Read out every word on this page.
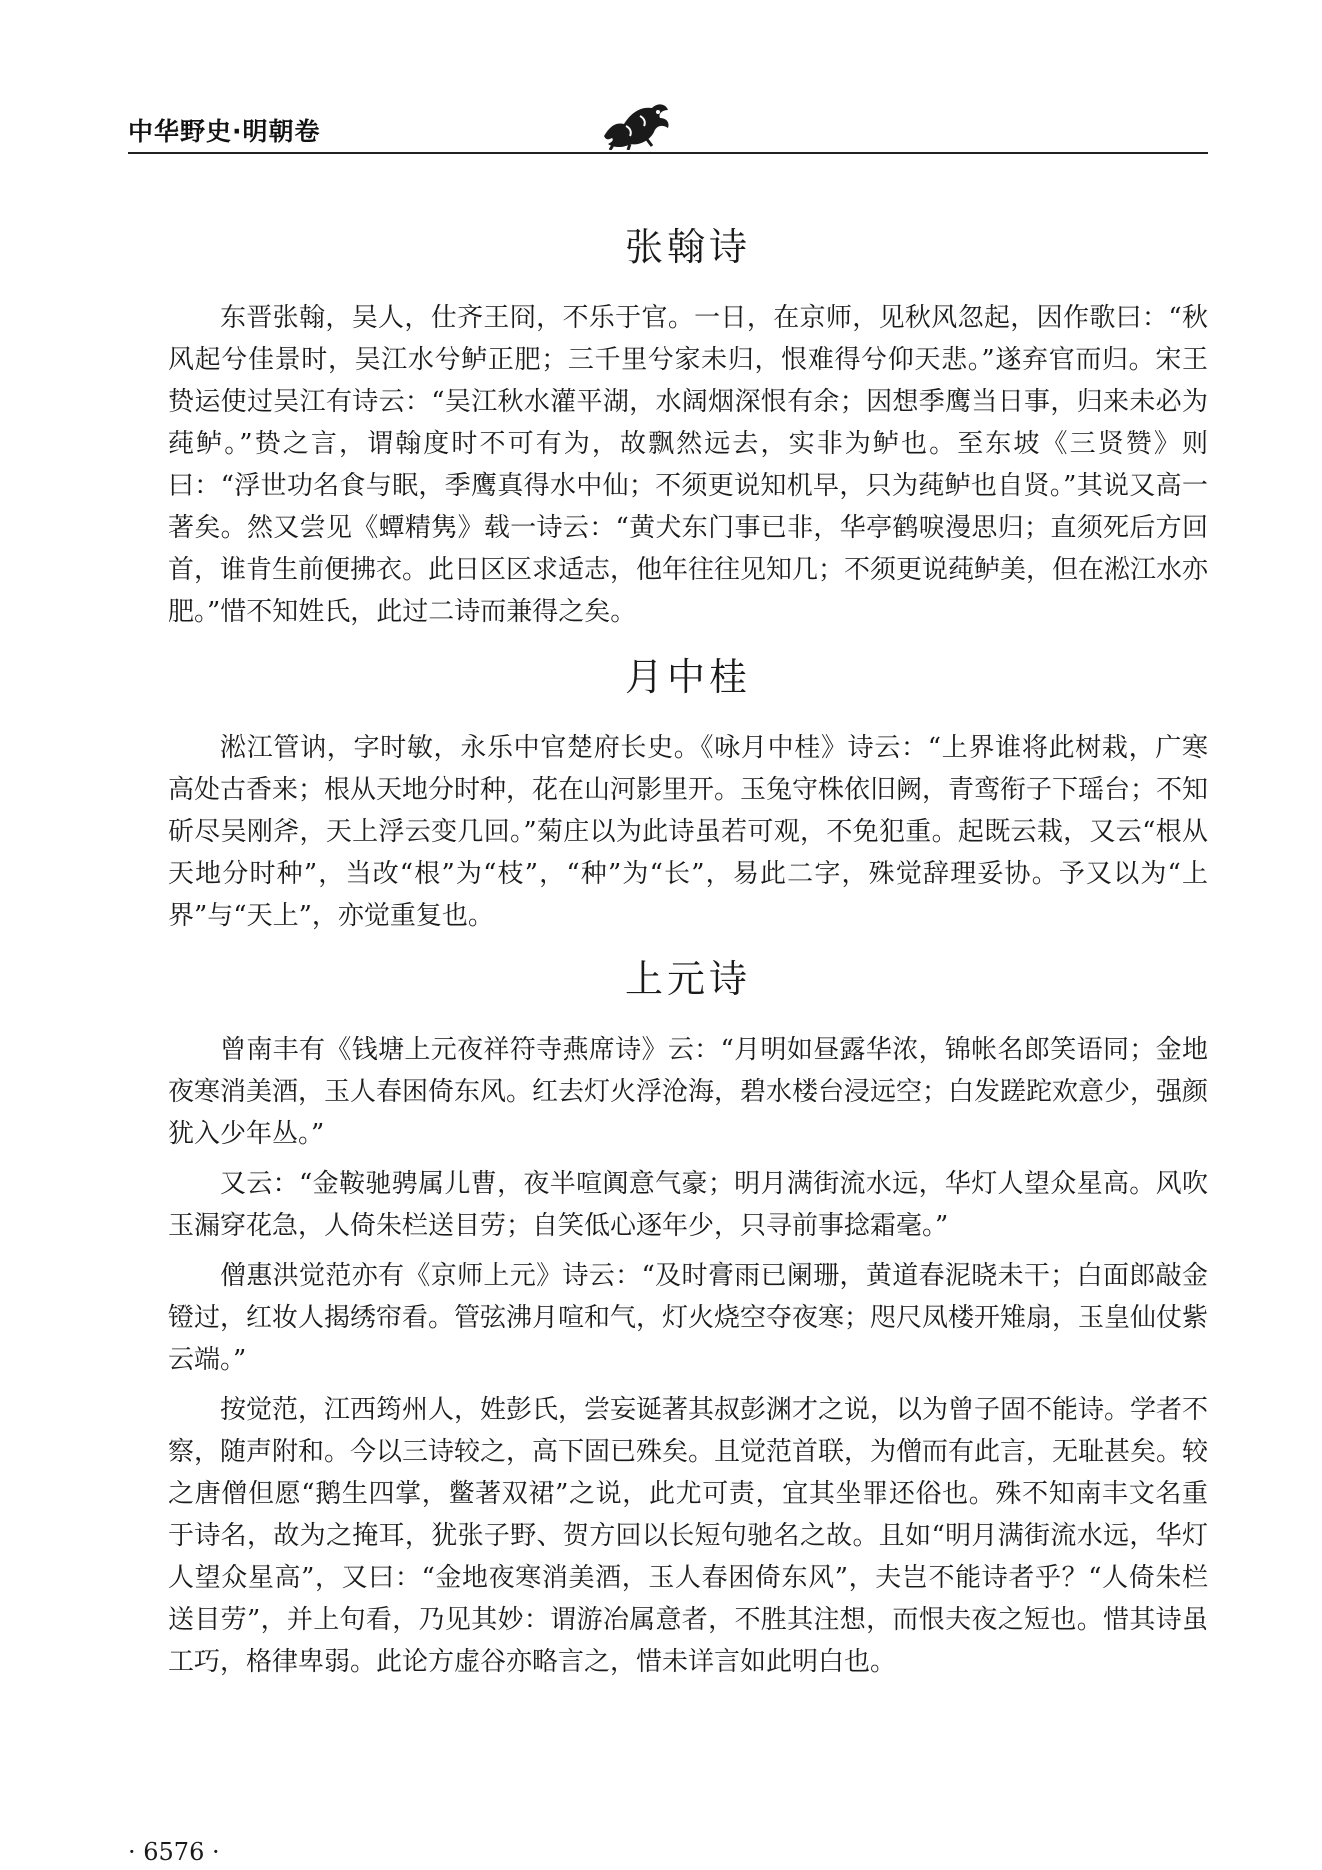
中华野史·明朝卷
张翰诗

东晋张翰，吴人，仕齐王冏，不乐于官。一日，在京师，见秋风忽起，因作歌曰：“秋风起兮佳景时，吴江水兮鲈正肥；三千里兮家未归，恨难得兮仰天悲。”遂弃官而归。宋王贽运使过吴江有诗云：“吴江秋水灌平湖，水阔烟深恨有余；因想季鹰当日事，归来未必为莼鲈。”贽之言，谓翰度时不可有为，故飘然远去，实非为鲈也。至东坡《三贤赞》则曰：“浮世功名食与眠，季鹰真得水中仙；不须更说知机早，只为莼鲈也自贤。”其说又高一著矣。然又尝见《蟫精隽》载一诗云：“黄犬东门事已非，华亭鹤唳漫思归；直须死后方回首，谁肯生前便拂衣。此日区区求适志，他年往往见知几；不须更说莼鲈美，但在淞江水亦肥。”惜不知姓氏，此过二诗而兼得之矣。

月中桂

淞江管讷，字时敏，永乐中官楚府长史。《咏月中桂》诗云：“上界谁将此树栽，广寒高处古香来；根从天地分时种，花在山河影里开。玉兔守株依旧阙，青鸾衔子下瑶台；不知斫尽吴刚斧，天上浮云变几回。”菊庄以为此诗虽若可观，不免犯重。起既云栽，又云“根从天地分时种”，当改“根”为“枝”，“种”为“长”，易此二字，殊觉辞理妥协。予又以为“上界”与“天上”，亦觉重复也。

上元诗

曾南丰有《钱塘上元夜祥符寺燕席诗》云：“月明如昼露华浓，锦帐名郎笑语同；金地夜寒消美酒，玉人春困倚东风。红去灯火浮沧海，碧水楼台浸远空；白发蹉跎欢意少，强颜犹入少年丛。”

又云：“金鞍驰骋属儿曹，夜半喧阗意气豪；明月满街流水远，华灯人望众星高。风吹玉漏穿花急，人倚朱栏送目劳；自笑低心逐年少，只寻前事捻霜毫。”

僧惠洪觉范亦有《京师上元》诗云：“及时膏雨已阑珊，黄道春泥晓未干；白面郎敲金镫过，红妆人揭绣帘看。管弦沸月喧和气，灯火烧空夺夜寒；咫尺凤楼开雉扇，玉皇仙仗紫云端。”

按觉范，江西筠州人，姓彭氏，尝妄诞著其叔彭渊才之说，以为曾子固不能诗。学者不察，随声附和。今以三诗较之，高下固已殊矣。且觉范首联，为僧而有此言，无耻甚矣。较之唐僧但愿“鹅生四掌，鳖著双裙”之说，此尤可责，宜其坐罪还俗也。殊不知南丰文名重于诗名，故为之掩耳，犹张子野、贺方回以长短句驰名之故。且如“明月满街流水远，华灯人望众星高”，又曰：“金地夜寒消美酒，玉人春困倚东风”，夫岂不能诗者乎？“人倚朱栏送目劳”，并上句看，乃见其妙：谓游冶属意者，不胜其注想，而恨夫夜之短也。惜其诗虽工巧，格律卑弱。此论方虚谷亦略言之，惜未详言如此明白也。

· 6576 ·
